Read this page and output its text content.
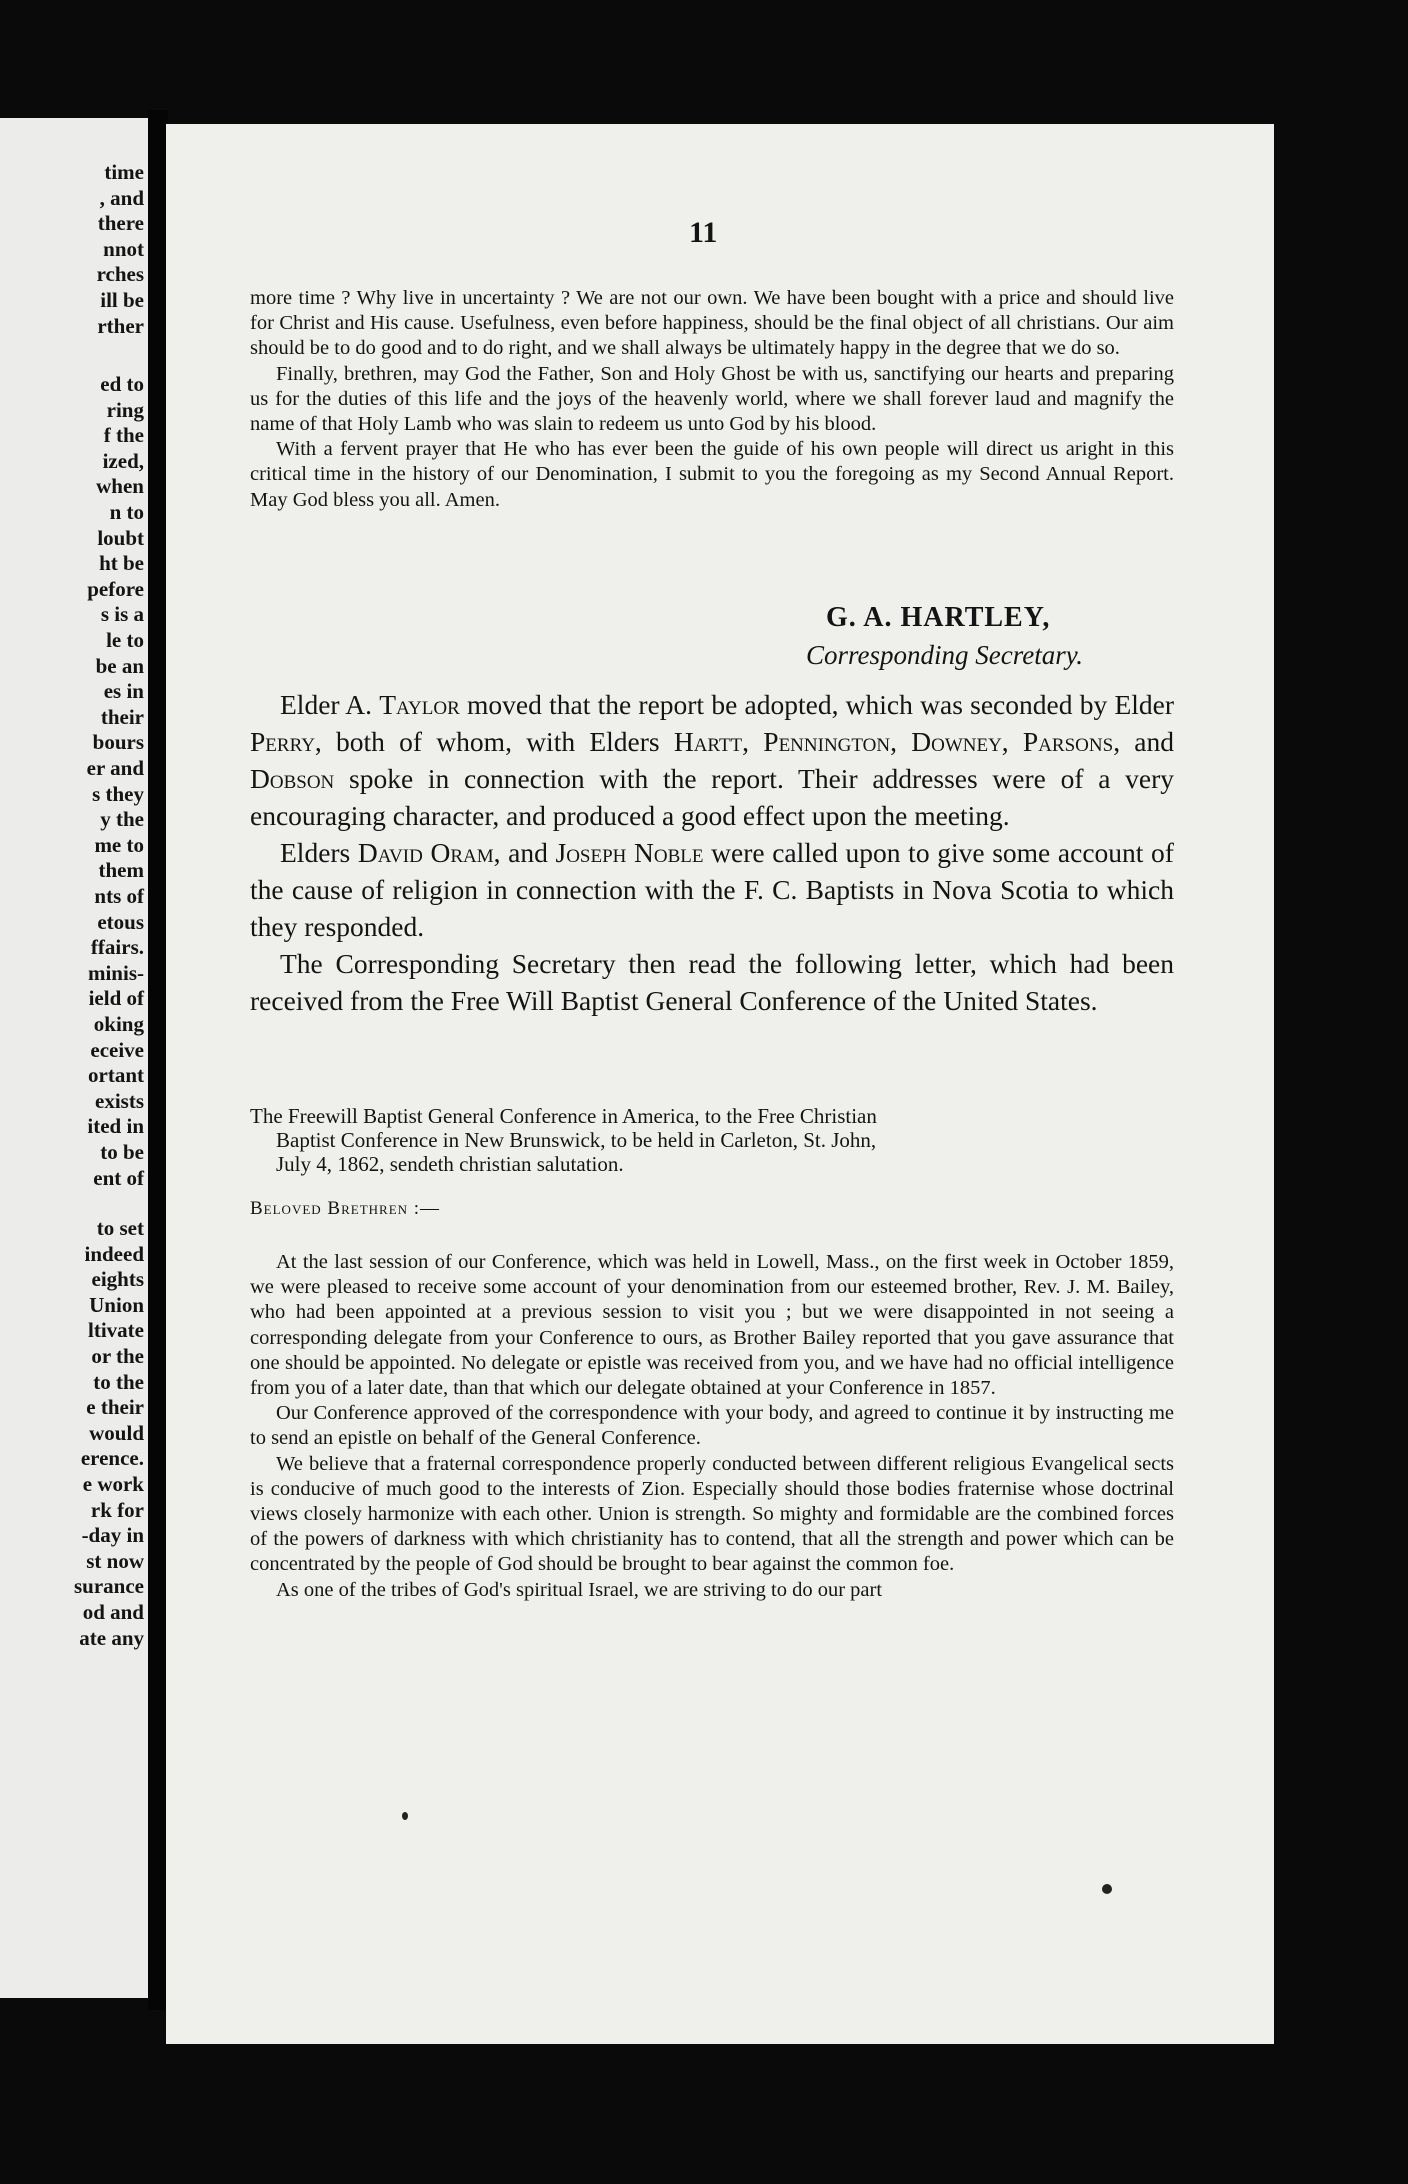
time
, and
there
nnot
rches
ill be
rther
ed to
ring
f the
ized,
when
n to
loubt
ht be
pefore
s is a
le to
be an
es in
their
bours
er and
s they
y the
me to
them
nts of
etous
ffairs.
minis-
ield of
oking
eceive
ortant
exists
ited in
to be
ent of
to set
indeed
eights
Union
ltivate
or the
to the
e their
would
erence.
e work
rk for
-day in
st now
surance
od and
ate any
11

more time ? Why live in uncertainty ? We are not our own. We have been bought with a price and should live for Christ and His cause. Usefulness, even before happiness, should be the final object of all christians. Our aim should be to do good and to do right, and we shall always be ultimately happy in the degree that we do so.

Finally, brethren, may God the Father, Son and Holy Ghost be with us, sanctifying our hearts and preparing us for the duties of this life and the joys of the heavenly world, where we shall forever laud and magnify the name of that Holy Lamb who was slain to redeem us unto God by his blood.

With a fervent prayer that He who has ever been the guide of his own people will direct us aright in this critical time in the history of our Denomination, I submit to you the foregoing as my Second Annual Report. May God bless you all. Amen.

G. A. HARTLEY,
Corresponding Secretary.

Elder A. Taylor moved that the report be adopted, which was seconded by Elder Perry, both of whom, with Elders Hartt, Pennington, Downey, Parsons, and Dobson spoke in connection with the report. Their addresses were of a very encouraging character, and produced a good effect upon the meeting.

Elders David Oram, and Joseph Noble were called upon to give some account of the cause of religion in connection with the F. C. Baptists in Nova Scotia to which they responded.

The Corresponding Secretary then read the following letter, which had been received from the Free Will Baptist General Conference of the United States.

The Freewill Baptist General Conference in America, to the Free Christian

Baptist Conference in New Brunswick, to be held in Carleton, St. John,

July 4, 1862, sendeth christian salutation.

Beloved Brethren :—

At the last session of our Conference, which was held in Lowell, Mass., on the first week in October 1859, we were pleased to receive some account of your denomination from our esteemed brother, Rev. J. M. Bailey, who had been appointed at a previous session to visit you ; but we were disappointed in not seeing a corresponding delegate from your Conference to ours, as Brother Bailey reported that you gave assurance that one should be appointed. No delegate or epistle was received from you, and we have had no official intelligence from you of a later date, than that which our delegate obtained at your Conference in 1857.

Our Conference approved of the correspondence with your body, and agreed to continue it by instructing me to send an epistle on behalf of the General Conference.

We believe that a fraternal correspondence properly conducted between different religious Evangelical sects is conducive of much good to the interests of Zion. Especially should those bodies fraternise whose doctrinal views closely harmonize with each other. Union is strength. So mighty and formidable are the combined forces of the powers of darkness with which christianity has to contend, that all the strength and power which can be concentrated by the people of God should be brought to bear against the common foe.

As one of the tribes of God's spiritual Israel, we are striving to do our part
